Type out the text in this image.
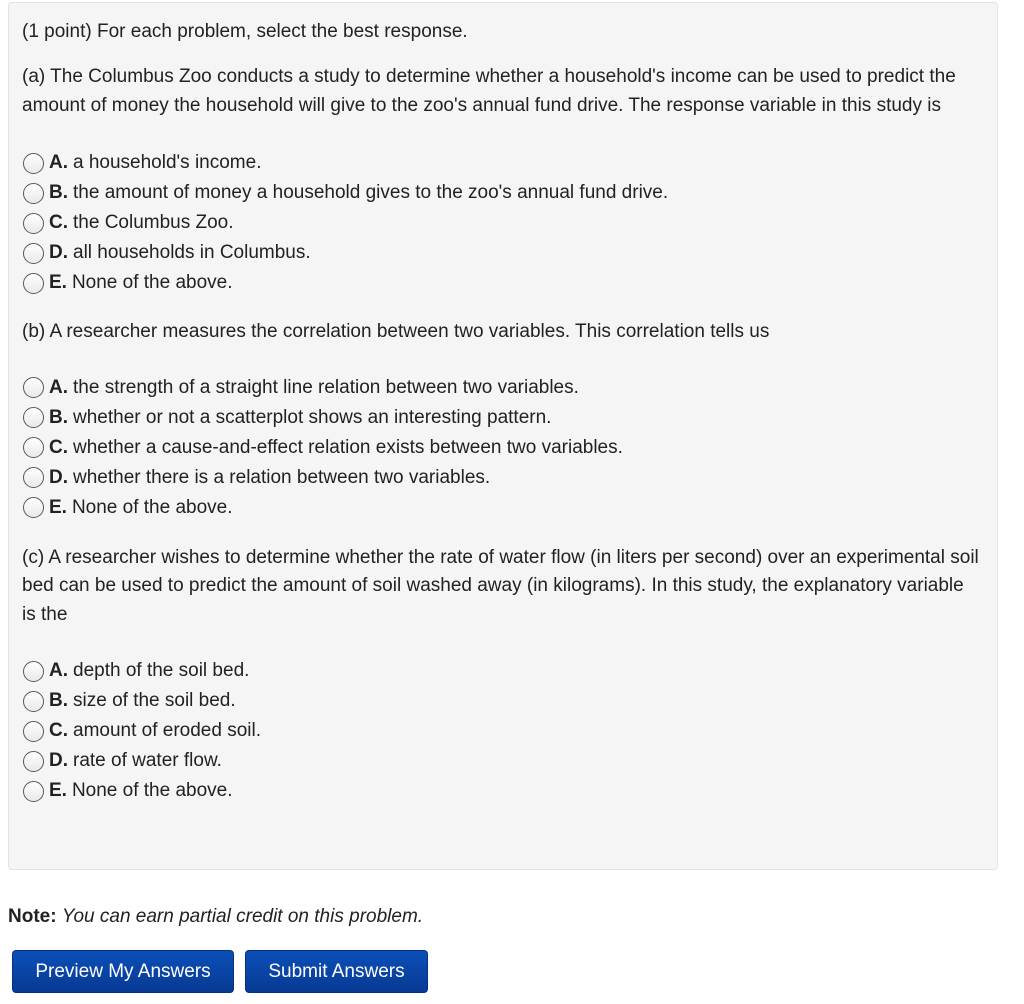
(1 point) For each problem, select the best response.

(a) The Columbus Zoo conducts a study to determine whether a household's income can be used to predict the amount of money the household will give to the zoo's annual fund drive. The response variable in this study is

A. a household's income.
B. the amount of money a household gives to the zoo's annual fund drive.
C. the Columbus Zoo.
D. all households in Columbus.
E. None of the above.

(b) A researcher measures the correlation between two variables. This correlation tells us

A. the strength of a straight line relation between two variables.
B. whether or not a scatterplot shows an interesting pattern.
C. whether a cause-and-effect relation exists between two variables.
D. whether there is a relation between two variables.
E. None of the above.

(c) A researcher wishes to determine whether the rate of water flow (in liters per second) over an experimental soil bed can be used to predict the amount of soil washed away (in kilograms). In this study, the explanatory variable is the

A. depth of the soil bed.
B. size of the soil bed.
C. amount of eroded soil.
D. rate of water flow.
E. None of the above.
Note: You can earn partial credit on this problem.
Preview My Answers	Submit Answers
